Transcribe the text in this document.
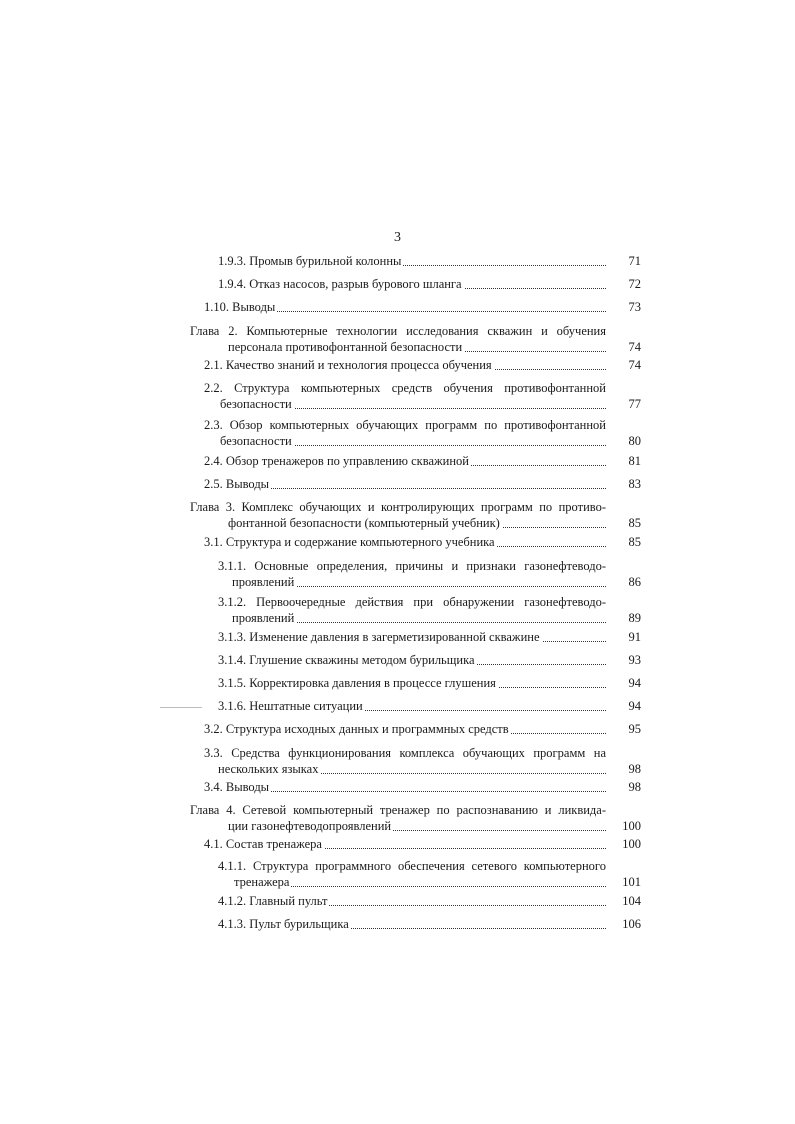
3
1.9.3. Промыв бурильной колонны	71
1.9.4. Отказ насосов, разрыв бурового шланга	72
1.10. Выводы	73
Глава 2. Компьютерные технологии исследования скважин и обучения
персонала противофонтанной безопасности	74
2.1. Качество знаний и технология процесса обучения	74
2.2. Структура компьютерных средств обучения противофонтанной
безопасности	77
2.3. Обзор компьютерных обучающих программ по противофонтанной
безопасности	80
2.4. Обзор тренажеров по управлению скважиной	81
2.5. Выводы	83
Глава 3. Комплекс обучающих и контролирующих программ по противо-
фонтанной безопасности (компьютерный учебник)	85
3.1. Структура и содержание компьютерного учебника	85
3.1.1. Основные определения, причины и признаки газонефтеводо-
проявлений	86
3.1.2. Первоочередные действия при обнаружении газонефтеводо-
проявлений	89
3.1.3. Изменение давления в загерметизированной скважине	91
3.1.4. Глушение скважины методом бурильщика	93
3.1.5. Корректировка давления в процессе глушения	94
3.1.6. Нештатные ситуации	94
3.2. Структура исходных данных и программных средств	95
3.3. Средства функционирования комплекса обучающих программ на
нескольких языках	98
3.4. Выводы	98
Глава 4. Сетевой компьютерный тренажер по распознаванию и ликвида-
ции газонефтеводопроявлений	100
4.1. Состав тренажера	100
4.1.1. Структура программного обеспечения сетевого компьютерного
тренажера	101
4.1.2. Главный пульт	104
4.1.3. Пульт бурильщика	106
